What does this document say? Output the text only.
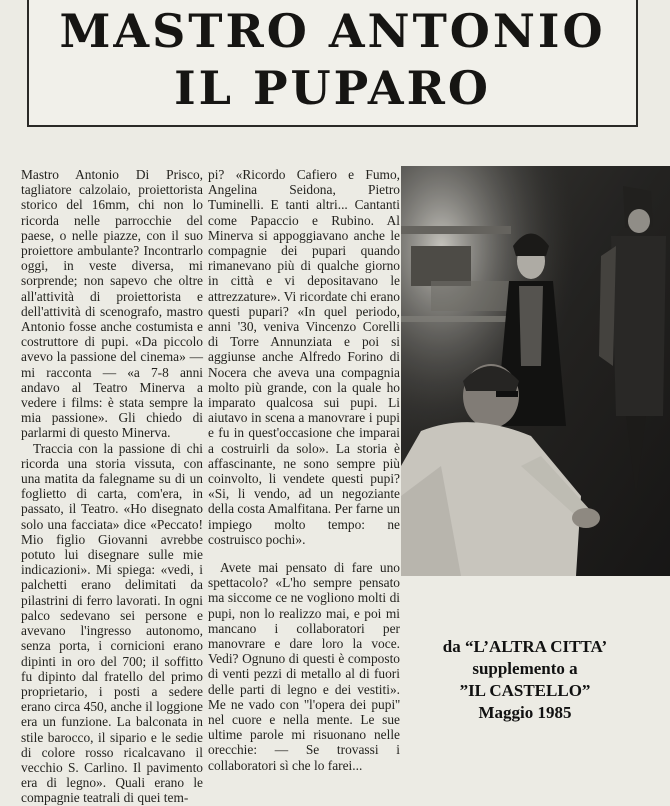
MASTRO ANTONIO
IL PUPARO

Mastro Antonio Di Prisco, tagliatore calzolaio, proiettorista storico del 16mm, chi non lo ricorda nelle parrocchie del paese, o nelle piazze, con il suo proiettore ambulante? Incontrarlo oggi, in veste diversa, mi sorprende; non sapevo che oltre all'attività di proiettorista e dell'attività di scenografo, mastro Antonio fosse anche costumista e costruttore di pupi. «Da piccolo avevo la passione del cinema» — mi racconta — «a 7-8 anni andavo al Teatro Minerva a vedere i films: è stata sempre la mia passione». Gli chiedo di parlarmi di questo Minerva.

Traccia con la passione di chi ricorda una storia vissuta, con una matita da falegname su di un foglietto di carta, com'era, in passato, il Teatro. «Ho disegnato solo una facciata» dice «Peccato! Mio figlio Giovanni avrebbe potuto lui disegnare sulle mie indicazioni». Mi spiega: «vedi, i palchetti erano delimitati da pilastrini di ferro lavorati. In ogni palco sedevano sei persone e avevano l'ingresso autonomo, senza porta, i cornicioni erano dipinti in oro del 700; il soffitto fu dipinto dal fratello del primo proprietario, i posti a sedere erano circa 450, anche il loggione era un funzione. La balconata in stile barocco, il sipario e le sedie di colore rosso ricalcavano il vecchio S. Carlino. Il pavimento era di legno». Quali erano le compagnie teatrali di quei tem-

pi? «Ricordo Cafiero e Fumo, Angelina Seidona, Pietro Tuminelli. E tanti altri... Cantanti come Papaccio e Rubino. Al Minerva si appoggiavano anche le compagnie dei pupari quando rimanevano più di qualche giorno in città e vi depositavano le attrezzature». Vi ricordate chi erano questi pupari? «In quel periodo, anni '30, veniva Vincenzo Corelli di Torre Annunziata e poi si aggiunse anche Alfredo Forino di Nocera che aveva una compagnia molto più grande, con la quale ho imparato qualcosa sui pupi. Li aiutavo in scena a manovrare i pupi e fu in quest'occasione che imparai a costruirli da solo». La storia è affascinante, ne sono sempre più coinvolto, li vendete questi pupi? «Si, li vendo, ad un negoziante della costa Amalfitana. Per farne un impiego molto tempo: ne costruisco pochi».

Avete mai pensato di fare uno spettacolo? «L'ho sempre pensato ma siccome ce ne vogliono molti di pupi, non lo realizzo mai, e poi mi mancano i collaboratori per manovrare e dare loro la voce. Vedi? Ognuno di questi è composto di venti pezzi di metallo al di fuori delle parti di legno e dei vestiti». Me ne vado con ''l'opera dei pupi'' nel cuore e nella mente. Le sue ultime parole mi risuonano nelle orecchie: — Se trovassi i collaboratori sì che lo farei...

da “L’ALTRA CITTA’
supplemento a
”IL CASTELLO”
Maggio 1985
